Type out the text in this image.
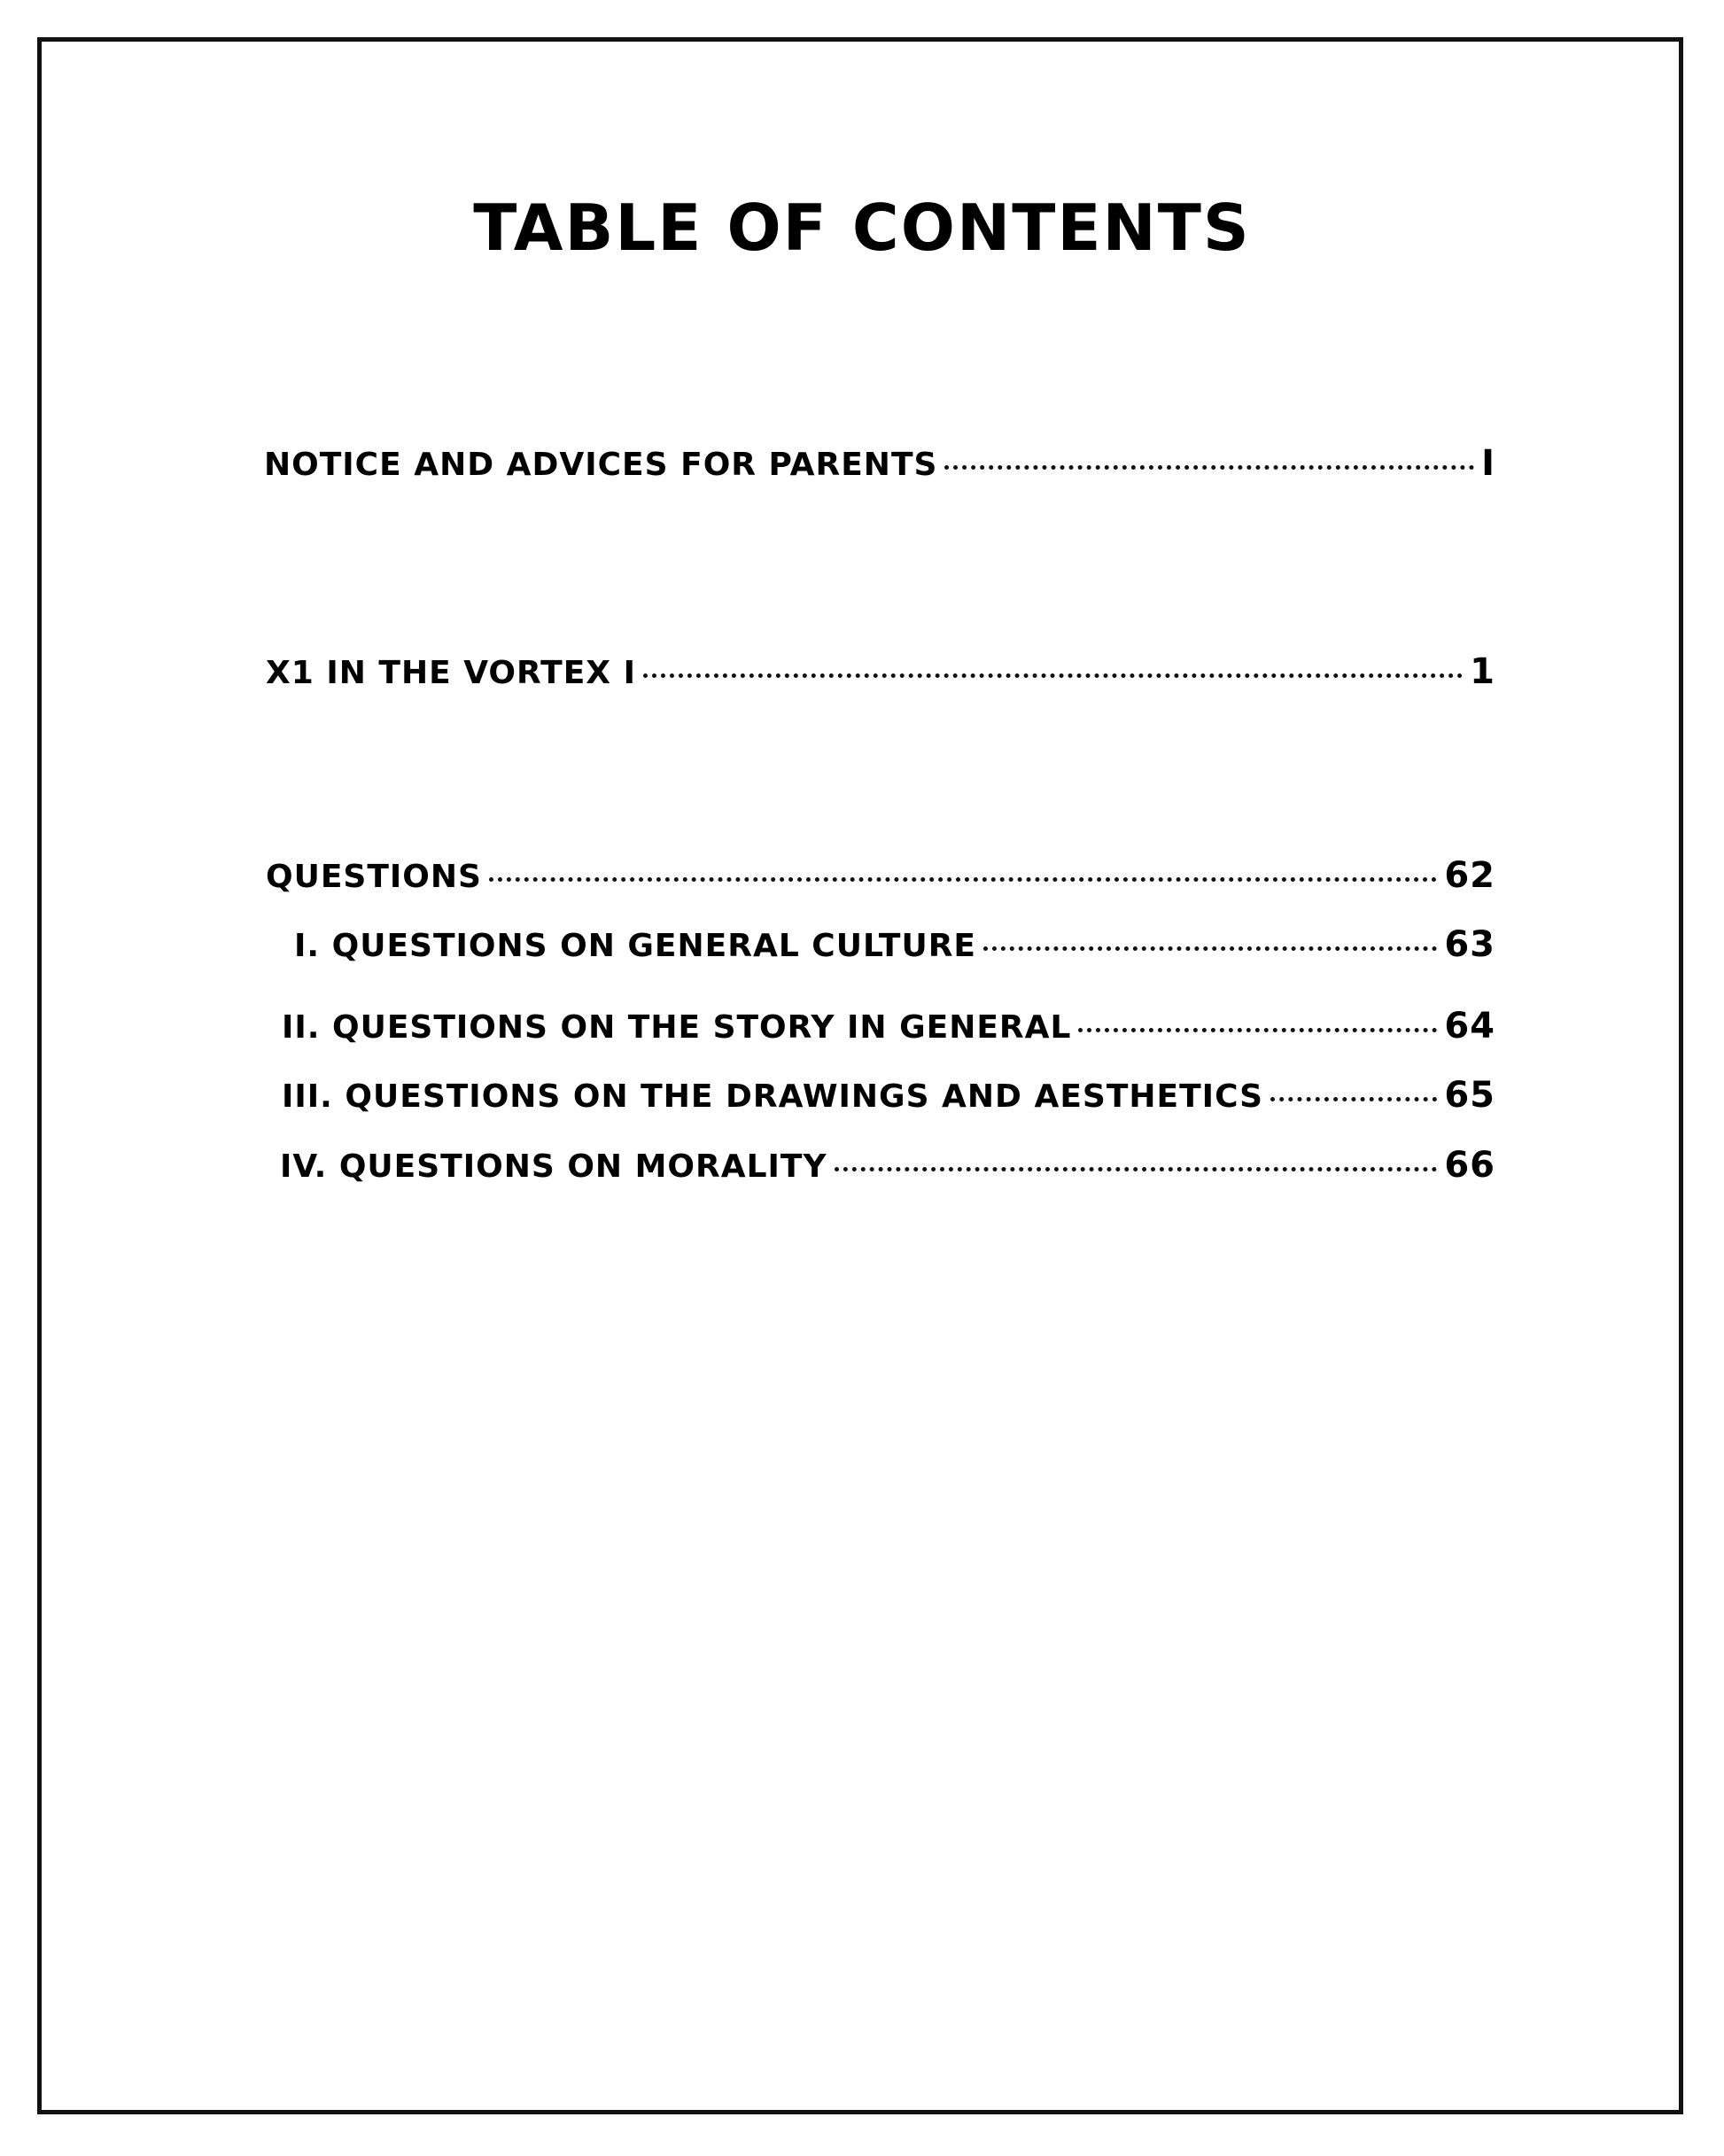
TABLE OF CONTENTS
NOTICE AND ADVICES FOR PARENTS	I
X1 IN THE VORTEX I	1
QUESTIONS	62
I. QUESTIONS ON GENERAL CULTURE	63
II. QUESTIONS ON THE STORY IN GENERAL	64
III. QUESTIONS ON THE DRAWINGS AND AESTHETICS	65
IV. QUESTIONS ON MORALITY	66
